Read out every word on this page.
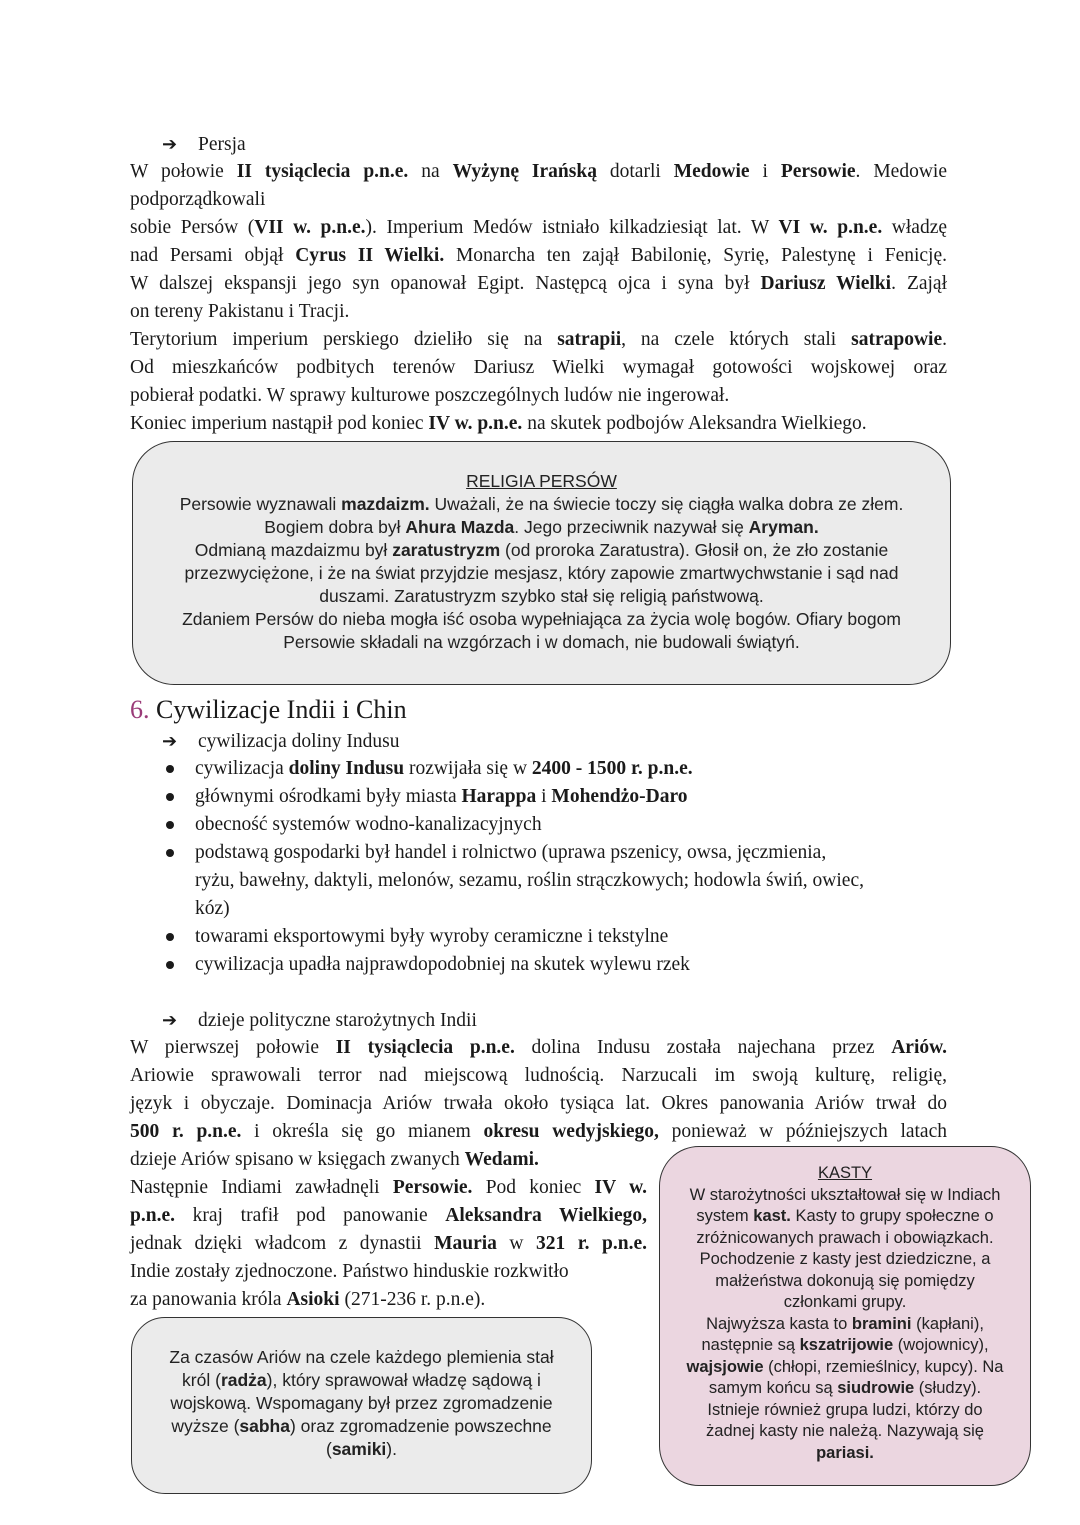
➔ Persja
W połowie II tysiąclecia p.n.e. na Wyżynę Irańską dotarli Medowie i Persowie. Medowie
podporządkowali
sobie Persów (VII w. p.n.e.). Imperium Medów istniało kilkadziesiąt lat. W VI w. p.n.e. władzę
nad Persami objął Cyrus II Wielki. Monarcha ten zajął Babilonię, Syrię, Palestynę i Fenicję.
W dalszej ekspansji jego syn opanował Egipt. Następcą ojca i syna był Dariusz Wielki. Zajął
on tereny Pakistanu i Tracji.
Terytorium imperium perskiego dzieliło się na satrapii, na czele których stali satrapowie.
Od mieszkańców podbitych terenów Dariusz Wielki wymagał gotowości wojskowej oraz
pobierał podatki. W sprawy kulturowe poszczególnych ludów nie ingerował.
Koniec imperium nastąpił pod koniec IV w. p.n.e. na skutek podbojów Aleksandra Wielkiego.
RELIGIA PERSÓW
Persowie wyznawali mazdaizm. Uważali, że na świecie toczy się ciągła walka dobra ze złem.
Bogiem dobra był Ahura Mazda. Jego przeciwnik nazywał się Aryman.
Odmianą mazdaizmu był zaratustryzm (od proroka Zaratustra). Głosił on, że zło zostanie
przezwyciężone, i że na świat przyjdzie mesjasz, który zapowie zmartwychwstanie i sąd nad
duszami. Zaratustryzm szybko stał się religią państwową.
Zdaniem Persów do nieba mogła iść osoba wypełniająca za życia wolę bogów. Ofiary bogom
Persowie składali na wzgórzach i w domach, nie budowali świątyń.
6. Cywilizacje Indii i Chin
➔ cywilizacja doliny Indusu
cywilizacja doliny Indusu rozwijała się w 2400 - 1500 r. p.n.e.
głównymi ośrodkami były miasta Harappa i Mohendżo-Daro
obecność systemów wodno-kanalizacyjnych
podstawą gospodarki był handel i rolnictwo (uprawa pszenicy, owsa, jęczmienia,
ryżu, bawełny, daktyli, melonów, sezamu, roślin strączkowych; hodowla świń, owiec,
kóz)
towarami eksportowymi były wyroby ceramiczne i tekstylne
cywilizacja upadła najprawdopodobniej na skutek wylewu rzek
➔ dzieje polityczne starożytnych Indii
W pierwszej połowie II tysiąclecia p.n.e. dolina Indusu została najechana przez Ariów.
Ariowie sprawowali terror nad miejscową ludnością. Narzucali im swoją kulturę, religię,
język i obyczaje. Dominacja Ariów trwała około tysiąca lat. Okres panowania Ariów trwał do
500 r. p.n.e. i określa się go mianem okresu wedyjskiego, ponieważ w późniejszych latach
dzieje Ariów spisano w księgach zwanych Wedami.
Następnie Indiami zawładnęli Persowie. Pod koniec IV w.
p.n.e. kraj trafił pod panowanie Aleksandra Wielkiego,
jednak dzięki władcom z dynastii Mauria w 321 r. p.n.e.
Indie zostały zjednoczone. Państwo hinduskie rozkwitło
za panowania króla Asioki (271-236 r. p.n.e).
Za czasów Ariów na czele każdego plemienia stał
król (radża), który sprawował władzę sądową i
wojskową. Wspomagany był przez zgromadzenie
wyższe (sabha) oraz zgromadzenie powszechne
(samiki).
KASTY
W starożytności ukształtował się w Indiach
system kast. Kasty to grupy społeczne o
zróżnicowanych prawach i obowiązkach.
Pochodzenie z kasty jest dziedziczne, a
małżeństwa dokonują się pomiędzy
członkami grupy.
Najwyższa kasta to bramini (kapłani),
następnie są kszatrijowie (wojownicy),
wajsjowie (chłopi, rzemieślnicy, kupcy). Na
samym końcu są siudrowie (słudzy).
Istnieje również grupa ludzi, którzy do
żadnej kasty nie należą. Nazywają się
pariasi.
